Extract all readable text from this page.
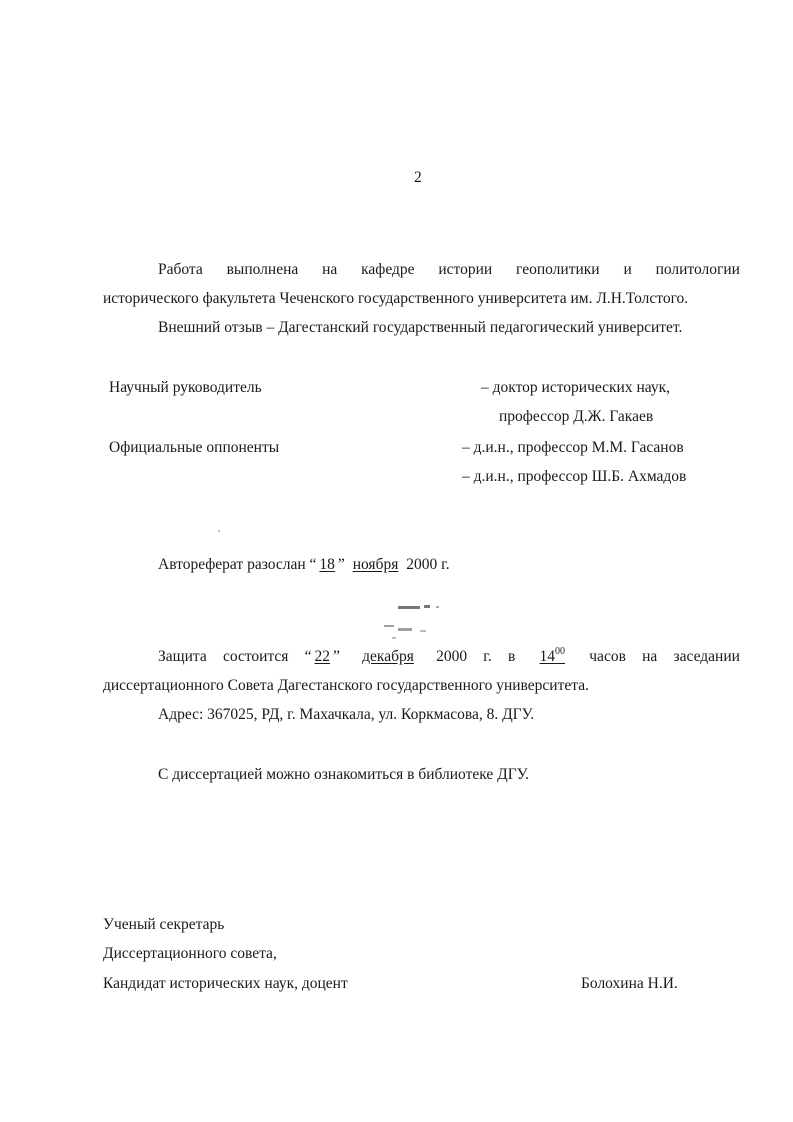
2
Работа выполнена на кафедре истории геополитики и политологии
исторического факультета Чеченского государственного университета им. Л.Н.Толстого.
Внешний отзыв – Дагестанский государственный педагогический университет.
Научный руководитель	– доктор исторических наук,
профессор Д.Ж. Гакаев
Официальные оппоненты	– д.и.н., профессор М.М. Гасанов
– д.и.н., профессор Ш.Б. Ахмадов
Автореферат разослан “ 18 ” ноября 2000 г.
Защита состоится “ 22 ”	декабря	2000 г. в	$14^{00}$	часов на заседании
диссертационного Совета Дагестанского государственного университета.
Адрес: 367025, РД, г. Махачкала, ул. Коркмасова, 8. ДГУ.
С диссертацией можно ознакомиться в библиотеке ДГУ.
Ученый секретарь
Диссертационного совета,
Кандидат исторических наук, доцент	Болохина Н.И.
